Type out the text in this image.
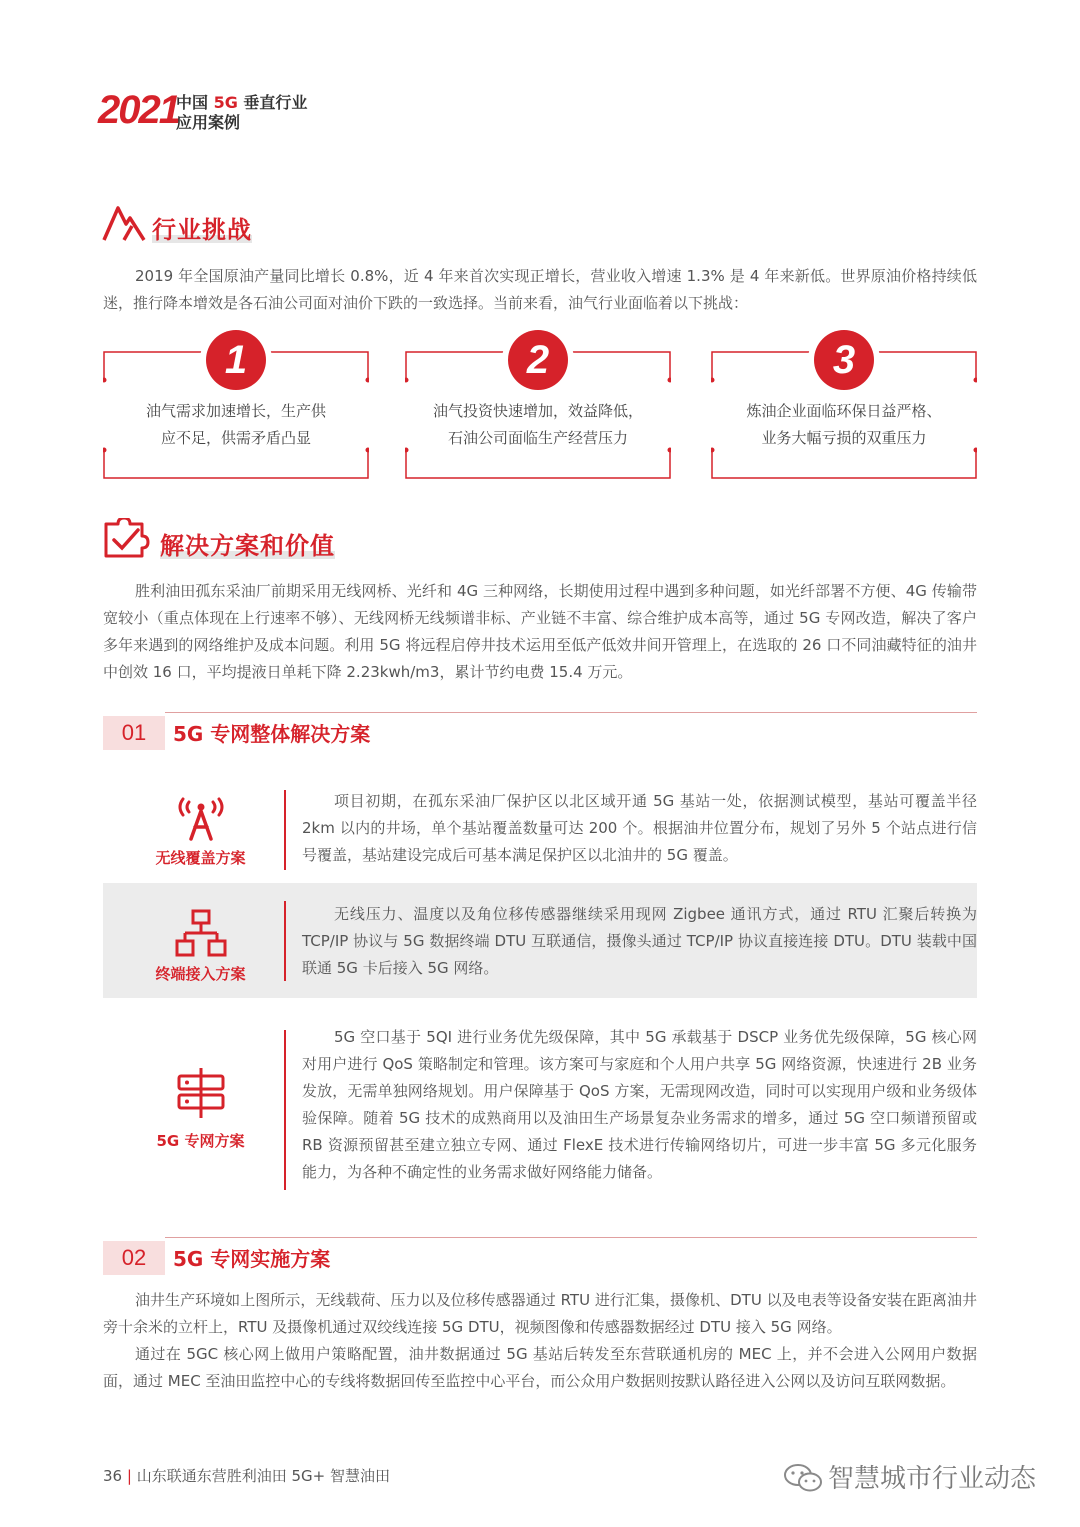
2021
中国 5G 垂直行业
应用案例
行业挑战
2019 年全国原油产量同比增长 0.8%，近 4 年来首次实现正增长，营业收入增速 1.3% 是 4 年来新低。世界原油价格持续低迷，推行降本增效是各石油公司面对油价下跌的一致选择。当前来看，油气行业面临着以下挑战：
1
油气需求加速增长，生产供
应不足，供需矛盾凸显
2
油气投资快速增加，效益降低，
石油公司面临生产经营压力
3
炼油企业面临环保日益严格、
业务大幅亏损的双重压力
解决方案和价值
胜利油田孤东采油厂前期采用无线网桥、光纤和 4G 三种网络，长期使用过程中遇到多种问题，如光纤部署不方便、4G 传输带宽较小（重点体现在上行速率不够）、无线网桥无线频谱非标、产业链不丰富、综合维护成本高等，通过 5G 专网改造，解决了客户多年来遇到的网络维护及成本问题。利用 5G 将远程启停井技术运用至低产低效井间开管理上，在选取的 26 口不同油藏特征的油井中创效 16 口，平均提液日单耗下降 2.23kwh/m3，累计节约电费 15.4 万元。
01	5G 专网整体解决方案
无线覆盖方案
项目初期，在孤东采油厂保护区以北区域开通 5G 基站一处，依据测试模型，基站可覆盖半径 2km 以内的井场，单个基站覆盖数量可达 200 个。根据油井位置分布，规划了另外 5 个站点进行信号覆盖，基站建设完成后可基本满足保护区以北油井的 5G 覆盖。
终端接入方案
无线压力、温度以及角位移传感器继续采用现网 Zigbee 通讯方式，通过 RTU 汇聚后转换为 TCP/IP 协议与 5G 数据终端 DTU 互联通信，摄像头通过 TCP/IP 协议直接连接 DTU。DTU 装载中国联通 5G 卡后接入 5G 网络。
5G 专网方案
5G 空口基于 5QI 进行业务优先级保障，其中 5G 承载基于 DSCP 业务优先级保障，5G 核心网对用户进行 QoS 策略制定和管理。该方案可与家庭和个人用户共享 5G 网络资源，快速进行 2B 业务发放，无需单独网络规划。用户保障基于 QoS 方案，无需现网改造，同时可以实现用户级和业务级体验保障。随着 5G 技术的成熟商用以及油田生产场景复杂业务需求的增多，通过 5G 空口频谱预留或 RB 资源预留甚至建立独立专网、通过 FlexE 技术进行传输网络切片，可进一步丰富 5G 多元化服务能力，为各种不确定性的业务需求做好网络能力储备。
02	5G 专网实施方案
油井生产环境如上图所示，无线载荷、压力以及位移传感器通过 RTU 进行汇集，摄像机、DTU 以及电表等设备安装在距离油井旁十余米的立杆上，RTU 及摄像机通过双绞线连接 5G DTU，视频图像和传感器数据经过 DTU 接入 5G 网络。
通过在 5GC 核心网上做用户策略配置，油井数据通过 5G 基站后转发至东营联通机房的 MEC 上，并不会进入公网用户数据面，通过 MEC 至油田监控中心的专线将数据回传至监控中心平台，而公众用户数据则按默认路径进入公网以及访问互联网数据。
36 | 山东联通东营胜利油田 5G+ 智慧油田	智慧城市行业动态
